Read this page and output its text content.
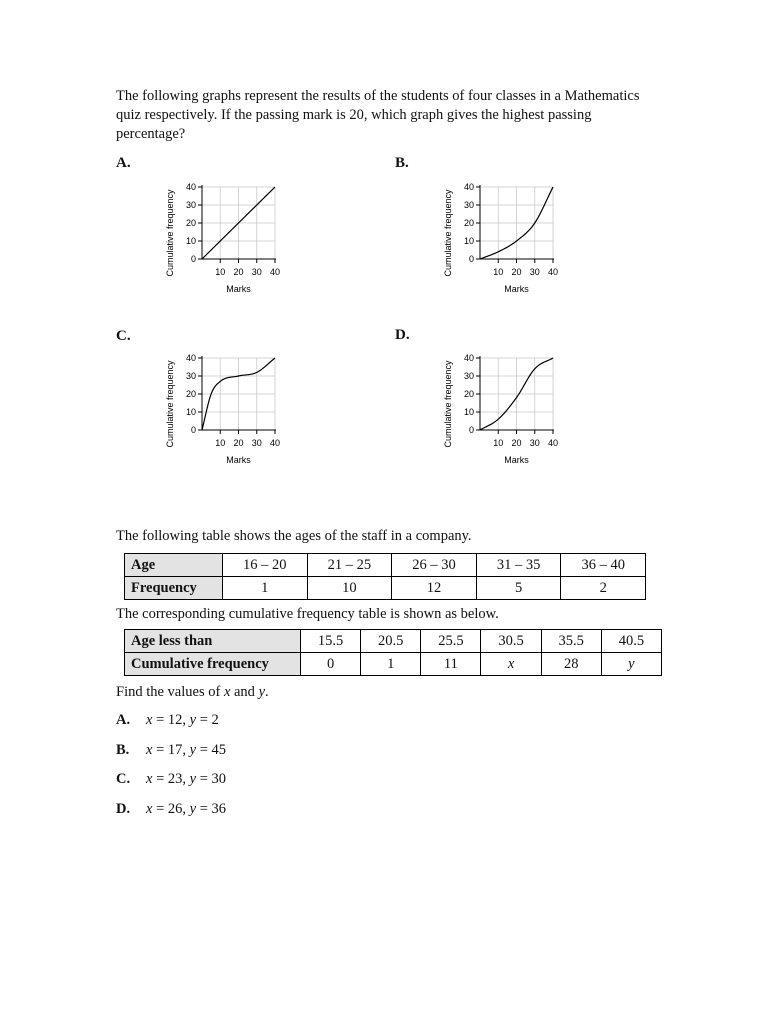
The following graphs represent the results of the students of four classes in a Mathematics quiz respectively. If the passing mark is 20, which graph gives the highest passing percentage?
A.	B.
C.	D.
0
10
20
30
40
10 20 30 40
Marks
Cumulative frequency	0
10
20
30
40
10 20 30 40
Marks
Cumulative frequency
0
10
20
30
40
10 20 30 40
Marks
Cumulative frequency	0
10
20
30
40
10 20 30 40
Marks
Cumulative frequency
The following table shows the ages of the staff in a company.
Age	16 – 20	21 – 25	26 – 30	31 – 35	36 – 40
Frequency	1	10	12	5	2
The corresponding cumulative frequency table is shown as below.
Age less than	15.5	20.5	25.5	30.5	35.5	40.5
Cumulative frequency	0	1	11	x	28	y
Find the values of x and y.
A. x = 12, y = 2
B. x = 17, y = 45
C. x = 23, y = 30
D. x = 26, y = 36
